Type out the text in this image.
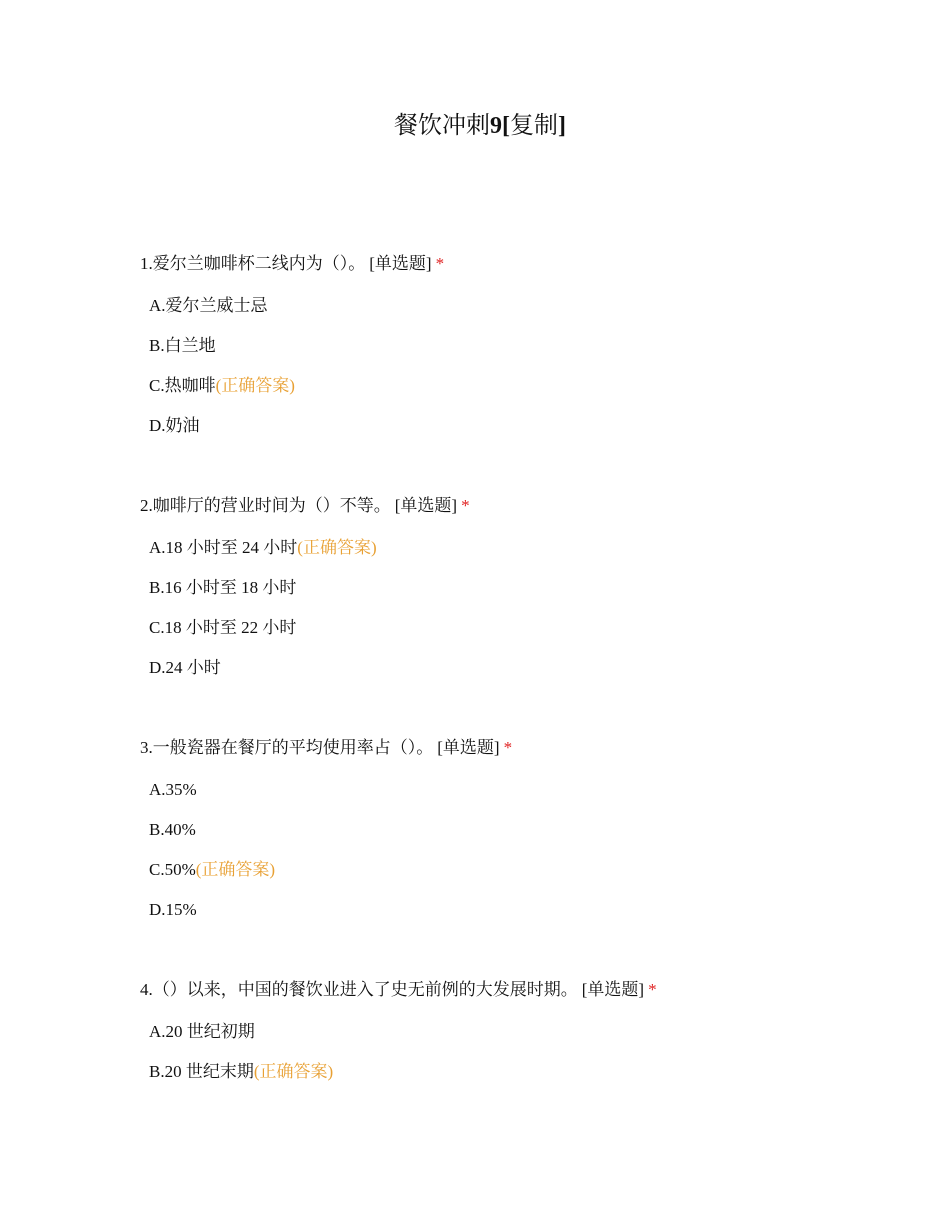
餐饮冲刺9[复制]
1.爱尔兰咖啡杯二线内为（）。 [单选题] *
A.爱尔兰威士忌
B.白兰地
C.热咖啡(正确答案)
D.奶油
2.咖啡厅的营业时间为（）不等。 [单选题] *
A.18 小时至 24 小时(正确答案)
B.16 小时至 18 小时
C.18 小时至 22 小时
D.24 小时
3.一般瓷器在餐厅的平均使用率占（）。 [单选题] *
A.35%
B.40%
C.50%(正确答案)
D.15%
4.（）以来，中国的餐饮业进入了史无前例的大发展时期。 [单选题] *
A.20 世纪初期
B.20 世纪末期(正确答案)
